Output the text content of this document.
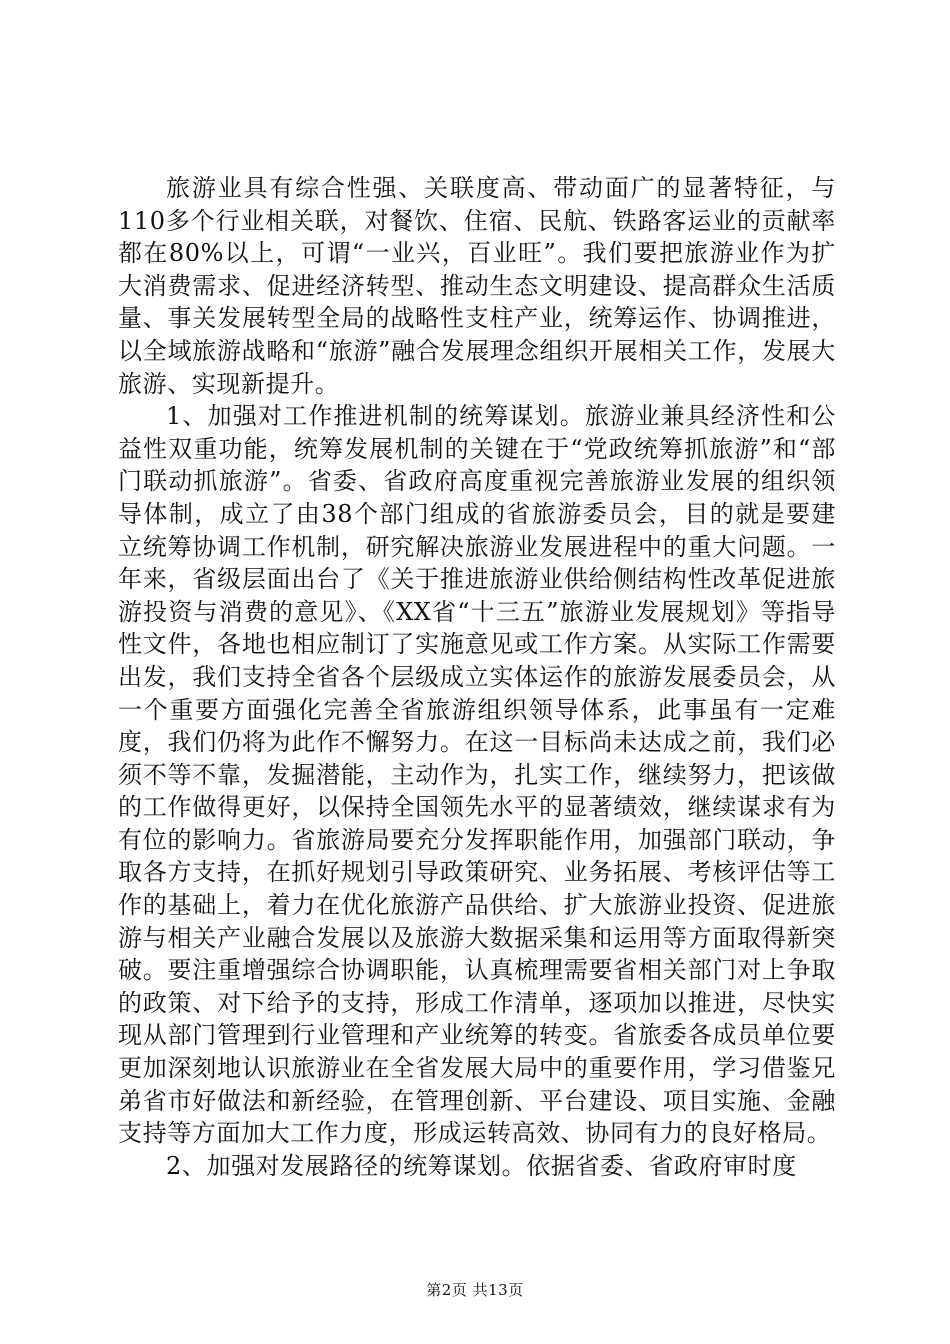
旅游业具有综合性强、关联度高、带动面广的显著特征，与110多个行业相关联，对餐饮、住宿、民航、铁路客运业的贡献率都在80%以上，可谓“一业兴，百业旺”。我们要把旅游业作为扩大消费需求、促进经济转型、推动生态文明建设、提高群众生活质量、事关发展转型全局的战略性支柱产业，统筹运作、协调推进，以全域旅游战略和“旅游”融合发展理念组织开展相关工作，发展大旅游、实现新提升。

1、加强对工作推进机制的统筹谋划。旅游业兼具经济性和公益性双重功能，统筹发展机制的关键在于“党政统筹抓旅游”和“部门联动抓旅游”。省委、省政府高度重视完善旅游业发展的组织领导体制，成立了由38个部门组成的省旅游委员会，目的就是要建立统筹协调工作机制，研究解决旅游业发展进程中的重大问题。一年来，省级层面出台了《关于推进旅游业供给侧结构性改革促进旅游投资与消费的意见》、《XX省“十三五”旅游业发展规划》等指导性文件，各地也相应制订了实施意见或工作方案。从实际工作需要出发，我们支持全省各个层级成立实体运作的旅游发展委员会，从一个重要方面强化完善全省旅游组织领导体系，此事虽有一定难度，我们仍将为此作不懈努力。在这一目标尚未达成之前，我们必须不等不靠，发掘潜能，主动作为，扎实工作，继续努力，把该做的工作做得更好，以保持全国领先水平的显著绩效，继续谋求有为有位的影响力。省旅游局要充分发挥职能作用，加强部门联动，争取各方支持，在抓好规划引导政策研究、业务拓展、考核评估等工作的基础上，着力在优化旅游产品供给、扩大旅游业投资、促进旅游与相关产业融合发展以及旅游大数据采集和运用等方面取得新突破。要注重增强综合协调职能，认真梳理需要省相关部门对上争取的政策、对下给予的支持，形成工作清单，逐项加以推进，尽快实现从部门管理到行业管理和产业统筹的转变。省旅委各成员单位要更加深刻地认识旅游业在全省发展大局中的重要作用，学习借鉴兄弟省市好做法和新经验，在管理创新、平台建设、项目实施、金融支持等方面加大工作力度，形成运转高效、协同有力的良好格局。

2、加强对发展路径的统筹谋划。依据省委、省政府审时度

第2页 共13页
